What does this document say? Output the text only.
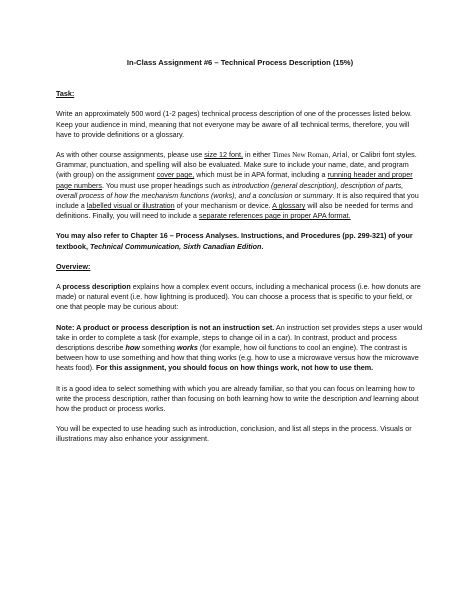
In-Class Assignment #6 – Technical Process Description (15%)
Task:

Write an approximately 500 word (1-2 pages) technical process description of one of the processes listed below. Keep your audience in mind, meaning that not everyone may be aware of all technical terms, therefore, you will have to provide definitions or a glossary.

As with other course assignments, please use size 12 font, in either Times New Roman, Arial, or Calibri font styles. Grammar, punctuation, and spelling will also be evaluated. Make sure to include your name, date, and program (with group) on the assignment cover page, which must be in APA format, including a running header and proper page numbers. You must use proper headings such as introduction (general description), description of parts, overall process of how the mechanism functions (works), and a conclusion or summary. It is also required that you include a labelled visual or illustration of your mechanism or device. A glossary will also be needed for terms and definitions. Finally, you will need to include a separate references page in proper APA format.

You may also refer to Chapter 16 – Process Analyses. Instructions, and Procedures (pp. 299-321) of your textbook, Technical Communication, Sixth Canadian Edition.

Overview:

A process description explains how a complex event occurs, including a mechanical process (i.e. how donuts are made) or natural event (i.e. how lightning is produced). You can choose a process that is specific to your field, or one that people may be curious about:

Note: A product or process description is not an instruction set. An instruction set provides steps a user would take in order to complete a task (for example, steps to change oil in a car). In contrast, product and process descriptions describe how something works (for example, how oil functions to cool an engine). The contrast is between how to use something and how that thing works (e.g. how to use a microwave versus how the microwave heats food). For this assignment, you should focus on how things work, not how to use them.

It is a good idea to select something with which you are already familiar, so that you can focus on learning how to write the process description, rather than focusing on both learning how to write the description and learning about how the product or process works.

You will be expected to use heading such as introduction, conclusion, and list all steps in the process. Visuals or illustrations may also enhance your assignment.
